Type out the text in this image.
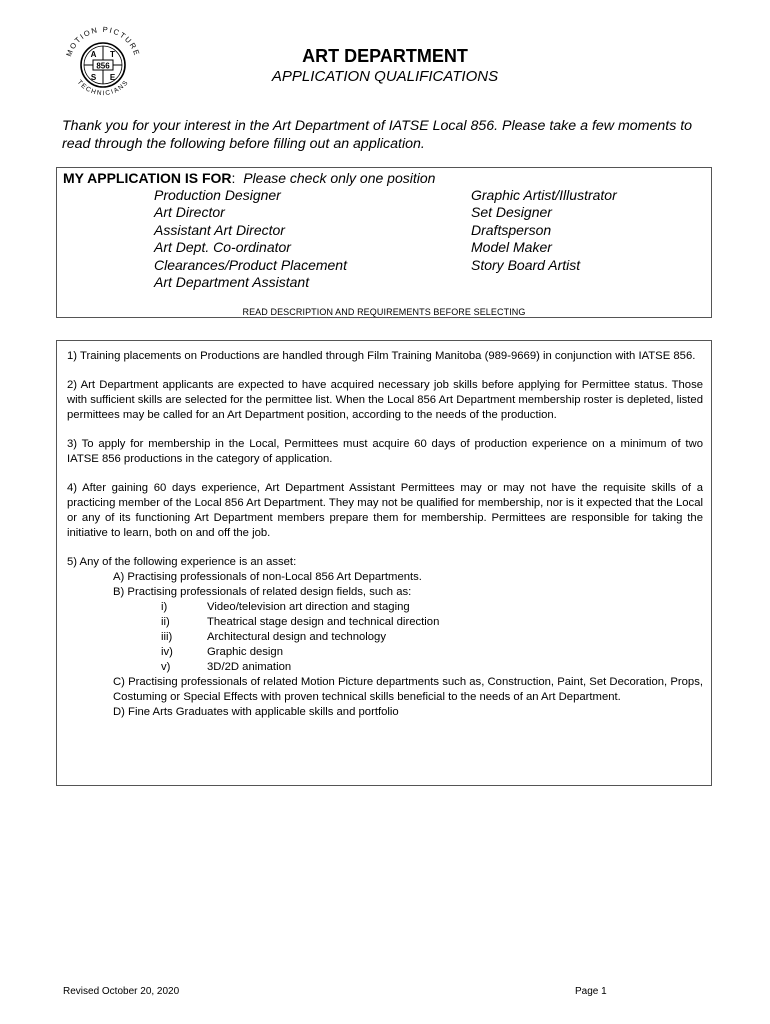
MOTION PICTURE
TECHNICIANS
856
A T
S E
ART DEPARTMENT
APPLICATION QUALIFICATIONS
Thank you for your interest in the Art Department of IATSE Local 856. Please take a few moments to read through the following before filling out an application.
MY APPLICATION IS FOR: Please check only one position
Production Designer
Art Director
Assistant Art Director
Art Dept. Co-ordinator
Clearances/Product Placement
Art Department Assistant
Graphic Artist/Illustrator
Set Designer
Draftsperson
Model Maker
Story Board Artist
READ DESCRIPTION AND REQUIREMENTS BEFORE SELECTING
1) Training placements on Productions are handled through Film Training Manitoba (989-9669) in conjunction with IATSE 856.
2) Art Department applicants are expected to have acquired necessary job skills before applying for Permittee status. Those with sufficient skills are selected for the permittee list. When the Local 856 Art Department membership roster is depleted, listed permittees may be called for an Art Department position, according to the needs of the production.
3) To apply for membership in the Local, Permittees must acquire 60 days of production experience on a minimum of two IATSE 856 productions in the category of application.
4) After gaining 60 days experience, Art Department Assistant Permittees may or may not have the requisite skills of a practicing member of the Local 856 Art Department. They may not be qualified for membership, nor is it expected that the Local or any of its functioning Art Department members prepare them for membership. Permittees are responsible for taking the initiative to learn, both on and off the job.
5) Any of the following experience is an asset:
A) Practising professionals of non-Local 856 Art Departments.
B) Practising professionals of related design fields, such as:
i)	Video/television art direction and staging
ii)	Theatrical stage design and technical direction
iii)	Architectural design and technology
iv)	Graphic design
v)	3D/2D animation
C) Practising professionals of related Motion Picture departments such as, Construction, Paint, Set Decoration, Props, Costuming or Special Effects with proven technical skills beneficial to the needs of an Art Department.
D) Fine Arts Graduates with applicable skills and portfolio
Revised October 20, 2020	Page 1
